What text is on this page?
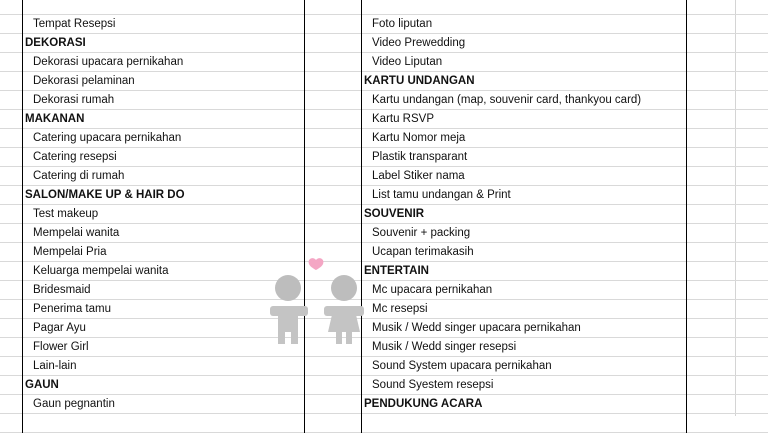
Tempat Resepsi	Foto liputan
DEKORASI	Video Prewedding
Dekorasi upacara pernikahan	Video Liputan
Dekorasi pelaminan	KARTU UNDANGAN
Dekorasi rumah	Kartu undangan (map, souvenir card, thankyou card)
MAKANAN	Kartu RSVP
Catering upacara pernikahan	Kartu Nomor meja
Catering resepsi	Plastik transparant
Catering di rumah	Label Stiker nama
SALON/MAKE UP & HAIR DO	List tamu undangan & Print
Test makeup	SOUVENIR
Mempelai wanita	Souvenir + packing
Mempelai Pria	Ucapan terimakasih
Keluarga mempelai wanita	ENTERTAIN
Bridesmaid	Mc upacara pernikahan
Penerima tamu	Mc resepsi
Pagar Ayu	Musik / Wedd singer upacara pernikahan
Flower Girl	Musik / Wedd singer resepsi
Lain-lain	Sound System upacara pernikahan
GAUN	Sound Syestem resepsi
Gaun pegnantin	PENDUKUNG ACARA
